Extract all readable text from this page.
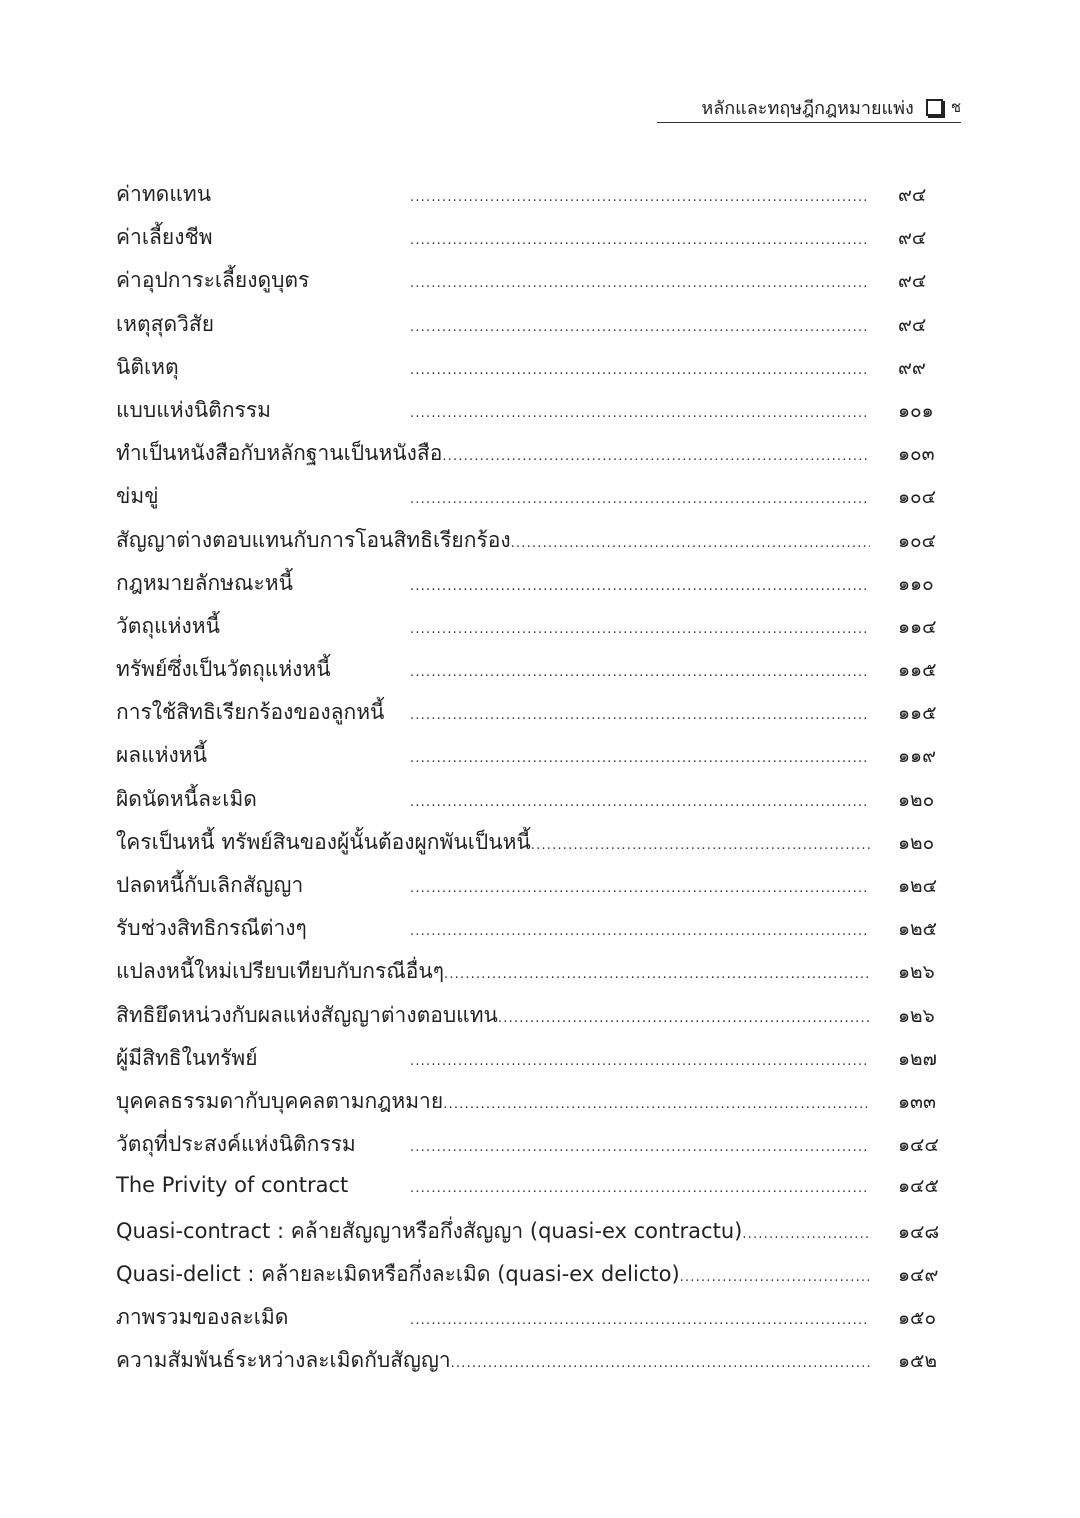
หลักและทฤษฎีกฎหมายแพ่ง ช
ค่าทดแทน .....	๙๔
ค่าเลี้ยงชีพ .....	๙๔
ค่าอุปการะเลี้ยงดูบุตร .....	๙๔
เหตุสุดวิสัย .....	๙๔
นิติเหตุ .....	๙๙
แบบแห่งนิติกรรม .....	๑๐๑
ทำเป็นหนังสือกับหลักฐานเป็นหนังสือ .....	๑๐๓
ข่มขู่ .....	๑๐๔
สัญญาต่างตอบแทนกับการโอนสิทธิเรียกร้อง .....	๑๐๔
กฎหมายลักษณะหนี้ .....	๑๑๐
วัตถุแห่งหนี้ .....	๑๑๔
ทรัพย์ซึ่งเป็นวัตถุแห่งหนี้ .....	๑๑๕
การใช้สิทธิเรียกร้องของลูกหนี้ .....	๑๑๕
ผลแห่งหนี้ .....	๑๑๙
ผิดนัดหนี้ละเมิด .....	๑๒๐
ใครเป็นหนี้ ทรัพย์สินของผู้นั้นต้องผูกพันเป็นหนี้ .....	๑๒๐
ปลดหนี้กับเลิกสัญญา .....	๑๒๔
รับช่วงสิทธิกรณีต่างๆ .....	๑๒๕
แปลงหนี้ใหม่เปรียบเทียบกับกรณีอื่นๆ .....	๑๒๖
สิทธิยึดหน่วงกับผลแห่งสัญญาต่างตอบแทน .....	๑๒๖
ผู้มีสิทธิในทรัพย์ .....	๑๒๗
บุคคลธรรมดากับบุคคลตามกฎหมาย .....	๑๓๓
วัตถุที่ประสงค์แห่งนิติกรรม .....	๑๔๔
The Privity of contract .....	๑๔๕
Quasi-contract : คล้ายสัญญาหรือกึ่งสัญญา (quasi-ex contractu) .....	๑๔๘
Quasi-delict : คล้ายละเมิดหรือกึ่งละเมิด (quasi-ex delicto) .....	๑๔๙
ภาพรวมของละเมิด .....	๑๕๐
ความสัมพันธ์ระหว่างละเมิดกับสัญญา .....	๑๕๒
